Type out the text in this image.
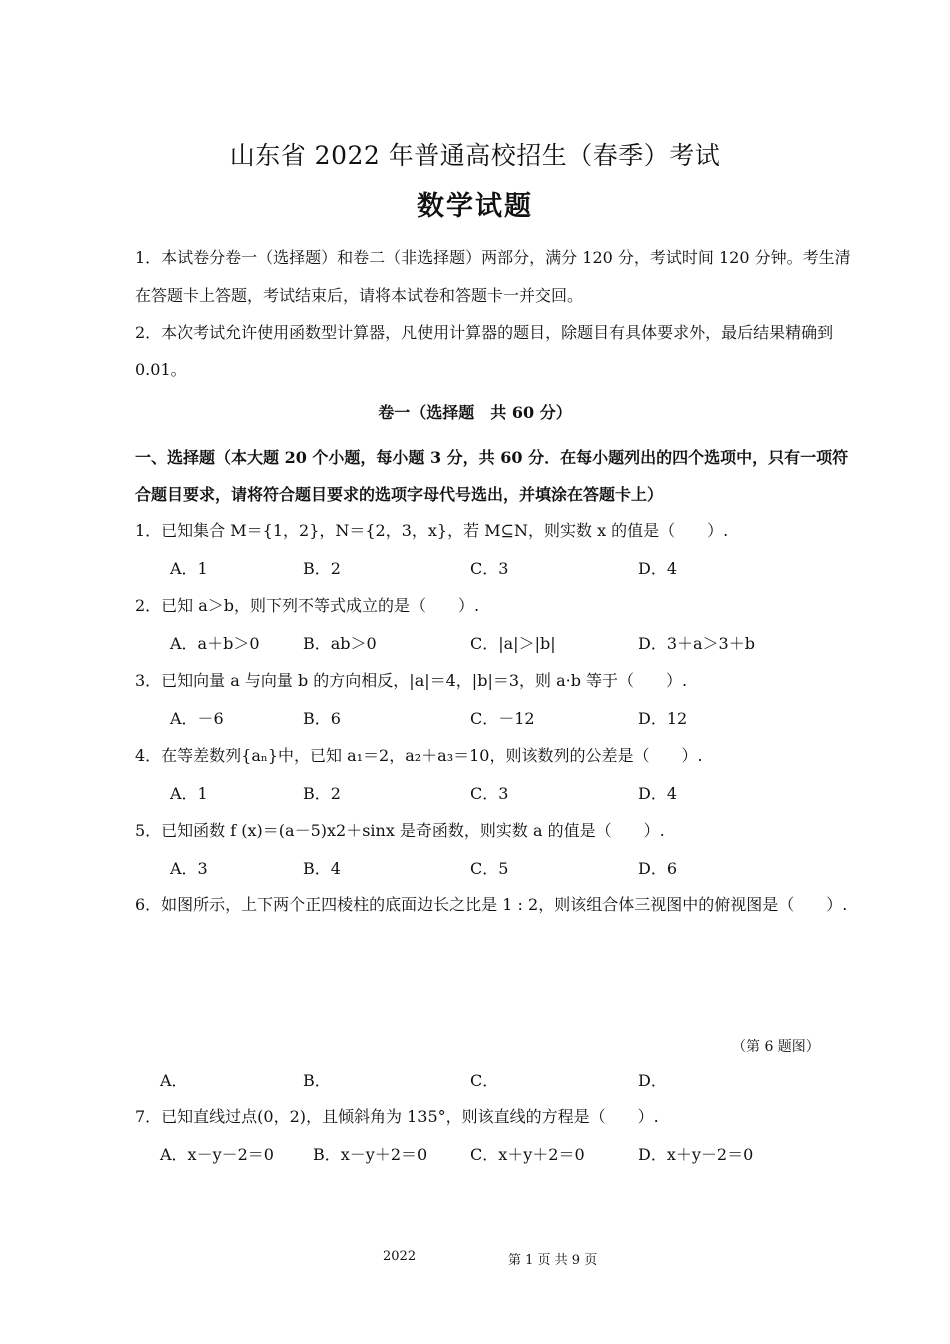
山东省 2022 年普通高校招生（春季）考试
数学试题
1．本试卷分卷一（选择题）和卷二（非选择题）两部分，满分 120 分，考试时间 120 分钟。考生清
在答题卡上答题，考试结束后，请将本试卷和答题卡一并交回。
2．本次考试允许使用函数型计算器，凡使用计算器的题目，除题目有具体要求外，最后结果精确到
0.01。
卷一（选择题　共 60 分）
一、选择题（本大题 20 个小题，每小题 3 分，共 60 分．在每小题列出的四个选项中，只有一项符
合题目要求，请将符合题目要求的选项字母代号选出，并填涂在答题卡上）
1．已知集合 M＝{1，2}，N＝{2，3，x}，若 M⊆N，则实数 x 的值是（　　）.
A．1	B．2	C．3	D．4
2．已知 a＞b，则下列不等式成立的是（　　）.
A．a＋b＞0	B．ab＞0	C．|a|＞|b|	D．3＋a＞3＋b
3．已知向量 a 与向量 b 的方向相反，|a|＝4，|b|＝3，则 a·b 等于（　　）.
A．－6	B．6	C．－12	D．12
4．在等差数列{aₙ}中，已知 a₁＝2，a₂＋a₃＝10，则该数列的公差是（　　）.
A．1	B．2	C．3	D．4
5．已知函数 f (x)＝(a－5)x2＋sinx 是奇函数，则实数 a 的值是（　　）.
A．3	B．4	C．5	D．6
6．如图所示，上下两个正四棱柱的底面边长之比是 1 : 2，则该组合体三视图中的俯视图是（　　）.
（第 6 题图）
A．	B．	C．	D．
7．已知直线过点(0，2)，且倾斜角为 135°，则该直线的方程是（　　）.
A．x－y－2＝0 B．x－y＋2＝0	C．x＋y＋2＝0	D．x＋y－2＝0
2022	第 1 页 共 9 页
